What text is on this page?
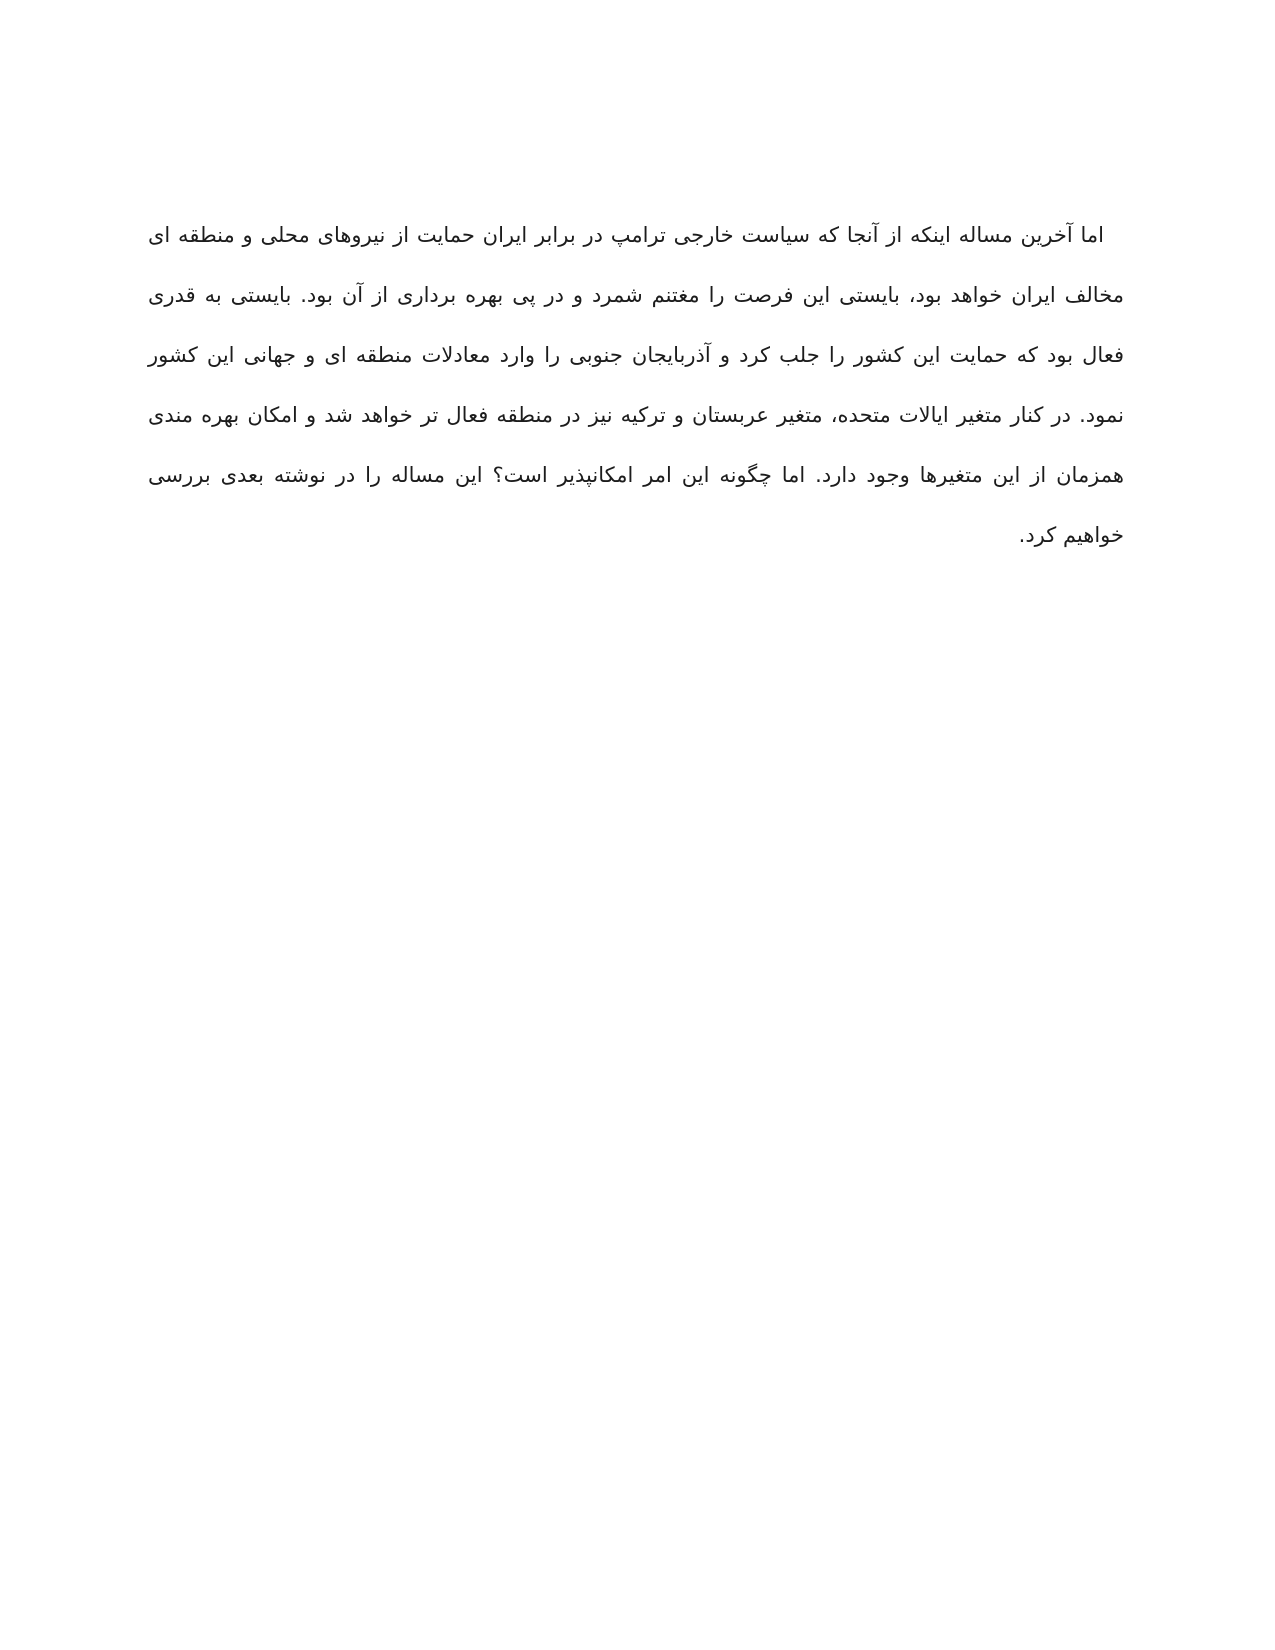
اما آخرین مساله اینکه از آنجا که سیاست خارجی ترامپ در برابر ایران حمایت از نیروهای محلی و منطقه ای مخالف ایران خواهد بود، بایستی این فرصت را مغتنم شمرد و در پی بهره برداری از آن بود. بایستی به قدری فعال بود که حمایت این کشور را جلب کرد و آذربایجان جنوبی را وارد معادلات منطقه ای و جهانی این کشور نمود. در کنار متغیر ایالات متحده، متغیر عربستان و ترکیه نیز در منطقه فعال تر خواهد شد و امکان بهره مندی همزمان از این متغیرها وجود دارد. اما چگونه این امر امکانپذیر است؟ این مساله را در نوشته بعدی بررسی خواهیم کرد.
